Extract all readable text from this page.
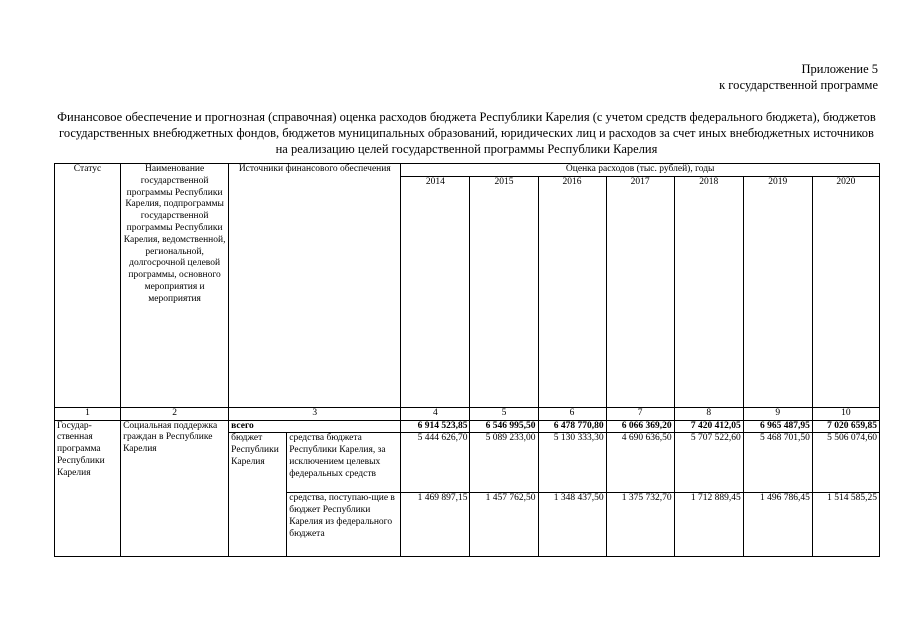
Приложение 5
к государственной программе
Финансовое обеспечение и прогнозная (справочная) оценка расходов бюджета Республики Карелия (с учетом средств федерального бюджета), бюджетов государственных внебюджетных фондов, бюджетов муниципальных образований, юридических лиц и расходов за счет иных внебюджетных источников на реализацию целей государственной программы Республики Карелия
Статус	Наименование государственной программы Республики Карелия, подпрограммы государственной программы Республики Карелия, ведомственной, региональной, долгосрочной целевой программы, основного мероприятия и мероприятия	Источники финансового обеспечения		Оценка расходов (тыс. рублей), годы						
				2014	2015	2016	2017	2018	2019	2020
1	2	3		4	5	6	7	8	9	10
Государ-ственная программа Республики Карелия	Социальная поддержка граждан в Республике Карелия	всего		6 914 523,85	6 546 995,50	6 478 770,80	6 066 369,20	7 420 412,05	6 965 487,95	7 020 659,85
		бюджет Республики Карелия	средства бюджета Республики Карелия, за исключением целевых федеральных средств	5 444 626,70	5 089 233,00	5 130 333,30	4 690 636,50	5 707 522,60	5 468 701,50	5 506 074,60
			средства, поступаю-щие в бюджет Республики Карелия из федерального бюджета	1 469 897,15	1 457 762,50	1 348 437,50	1 375 732,70	1 712 889,45	1 496 786,45	1 514 585,25
